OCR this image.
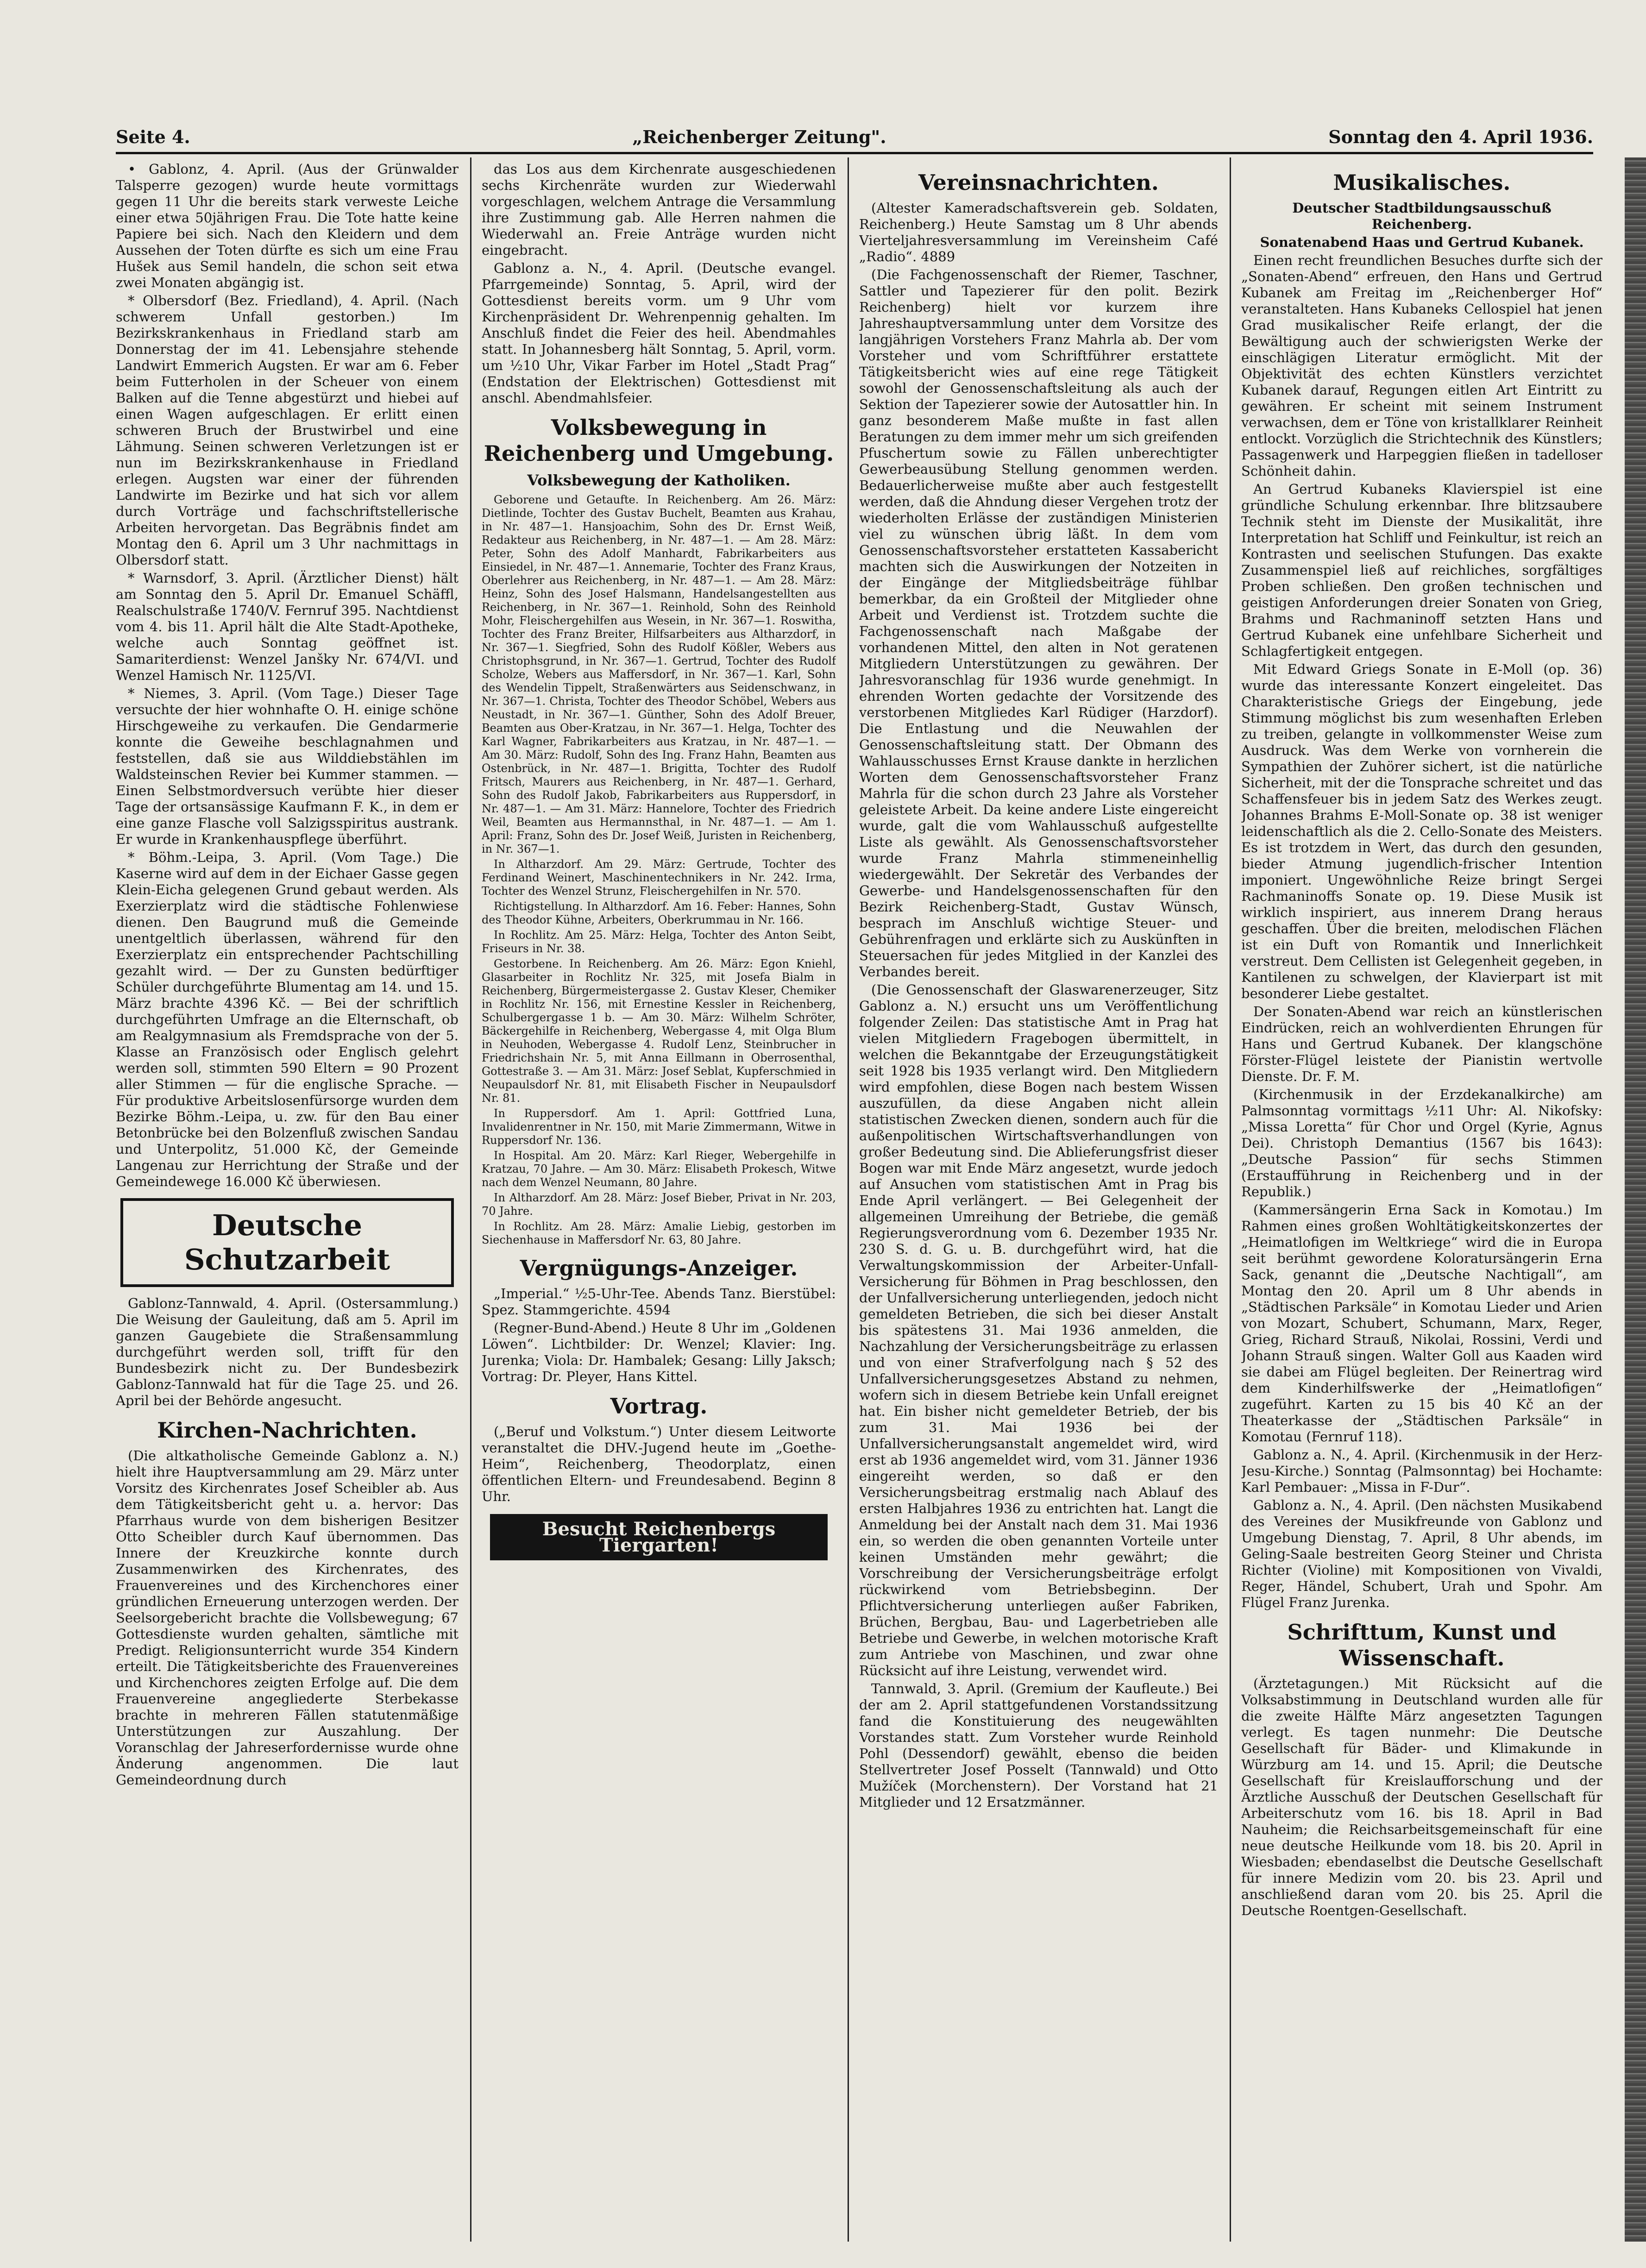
Seite 4.	„Reichenberger Zeitung".	Sonntag den 4. April 1936.

• Gablonz, 4. April. (Aus der Grünwalder Talsperre gezogen) wurde heute vormittags gegen 11 Uhr die bereits stark verweste Leiche einer etwa 50jährigen Frau. Die Tote hatte keine Papiere bei sich. Nach den Kleidern und dem Aussehen der Toten dürfte es sich um eine Frau Hušek aus Semil handeln, die schon seit etwa zwei Monaten abgängig ist.

* Olbersdorf (Bez. Friedland), 4. April. (Nach schwerem Unfall gestorben.) Im Bezirkskrankenhaus in Friedland starb am Donnerstag der im 41. Lebensjahre stehende Landwirt Emmerich Augsten. Er war am 6. Feber beim Futterholen in der Scheuer von einem Balken auf die Tenne abgestürzt und hiebei auf einen Wagen aufgeschlagen. Er erlitt einen schweren Bruch der Brustwirbel und eine Lähmung. Seinen schweren Verletzungen ist er nun im Bezirkskrankenhause in Friedland erlegen. Augsten war einer der führenden Landwirte im Bezirke und hat sich vor allem durch Vorträge und fachschriftstellerische Arbeiten hervorgetan. Das Begräbnis findet am Montag den 6. April um 3 Uhr nachmittags in Olbersdorf statt.

* Warnsdorf, 3. April. (Ärztlicher Dienst) hält am Sonntag den 5. April Dr. Emanuel Schäffl, Realschulstraße 1740/V. Fernruf 395. Nachtdienst vom 4. bis 11. April hält die Alte Stadt-Apotheke, welche auch Sonntag geöffnet ist. Samariterdienst: Wenzel Janšky Nr. 674/VI. und Wenzel Hamisch Nr. 1125/VI.

* Niemes, 3. April. (Vom Tage.) Dieser Tage versuchte der hier wohnhafte O. H. einige schöne Hirschgeweihe zu verkaufen. Die Gendarmerie konnte die Geweihe beschlagnahmen und feststellen, daß sie aus Wilddiebstählen im Waldsteinschen Revier bei Kummer stammen. — Einen Selbstmordversuch verübte hier dieser Tage der ortsansässige Kaufmann F. K., in dem er eine ganze Flasche voll Salzigsspiritus austrank. Er wurde in Krankenhauspflege überführt.

* Böhm.-Leipa, 3. April. (Vom Tage.) Die Kaserne wird auf dem in der Eichaer Gasse gegen Klein-Eicha gelegenen Grund gebaut werden. Als Exerzierplatz wird die städtische Fohlenwiese dienen. Den Baugrund muß die Gemeinde unentgeltlich überlassen, während für den Exerzierplatz ein entsprechender Pachtschilling gezahlt wird. — Der zu Gunsten bedürftiger Schüler durchgeführte Blumentag am 14. und 15. März brachte 4396 Kč. — Bei der schriftlich durchgeführten Umfrage an die Elternschaft, ob am Realgymnasium als Fremdsprache von der 5. Klasse an Französisch oder Englisch gelehrt werden soll, stimmten 590 Eltern = 90 Prozent aller Stimmen — für die englische Sprache. — Für produktive Arbeitslosenfürsorge wurden dem Bezirke Böhm.-Leipa, u. zw. für den Bau einer Betonbrücke bei den Bolzenfluß zwischen Sandau und Unterpolitz, 51.000 Kč, der Gemeinde Langenau zur Herrichtung der Straße und der Gemeindewege 16.000 Kč überwiesen.

Deutsche Schutzarbeit

Gablonz-Tannwald, 4. April. (Ostersammlung.) Die Weisung der Gauleitung, daß am 5. April im ganzen Gaugebiete die Straßensammlung durchgeführt werden soll, trifft für den Bundesbezirk nicht zu. Der Bundesbezirk Gablonz-Tannwald hat für die Tage 25. und 26. April bei der Behörde angesucht.

Kirchen-Nachrichten.

(Die altkatholische Gemeinde Gablonz a. N.) hielt ihre Hauptversammlung am 29. März unter Vorsitz des Kirchenrates Josef Scheibler ab. Aus dem Tätigkeitsbericht geht u. a. hervor: Das Pfarrhaus wurde von dem bisherigen Besitzer Otto Scheibler durch Kauf übernommen. Das Innere der Kreuzkirche konnte durch Zusammenwirken des Kirchenrates, des Frauenvereines und des Kirchenchores einer gründlichen Erneuerung unterzogen werden. Der Seelsorgebericht brachte die Vollsbewegung; 67 Gottesdienste wurden gehalten, sämtliche mit Predigt. Religionsunterricht wurde 354 Kindern erteilt. Die Tätigkeitsberichte des Frauenvereines und Kirchenchores zeigten Erfolge auf. Die dem Frauenvereine angegliederte Sterbekasse brachte in mehreren Fällen statutenmäßige Unterstützungen zur Auszahlung. Der Voranschlag der Jahreserfordernisse wurde ohne Änderung angenommen. Die laut Gemeindeordnung durch

das Los aus dem Kirchenrate ausgeschiedenen sechs Kirchenräte wurden zur Wiederwahl vorgeschlagen, welchem Antrage die Versammlung ihre Zustimmung gab. Alle Herren nahmen die Wiederwahl an. Freie Anträge wurden nicht eingebracht.

Gablonz a. N., 4. April. (Deutsche evangel. Pfarrgemeinde) Sonntag, 5. April, wird der Gottesdienst bereits vorm. um 9 Uhr vom Kirchenpräsident Dr. Wehrenpennig gehalten. Im Anschluß findet die Feier des heil. Abendmahles statt. In Johannesberg hält Sonntag, 5. April, vorm. um ½10 Uhr, Vikar Farber im Hotel „Stadt Prag“ (Endstation der Elektrischen) Gottesdienst mit anschl. Abendmahlsfeier.

Volksbewegung in Reichenberg und Umgebung.
Volksbewegung der Katholiken.

Geborene und Getaufte. In Reichenberg. Am 26. März: Dietlinde, Tochter des Gustav Buchelt, Beamten aus Krahau, in Nr. 487—1. Hansjoachim, Sohn des Dr. Ernst Weiß, Redakteur aus Reichenberg, in Nr. 487—1. — Am 28. März: Peter, Sohn des Adolf Manhardt, Fabrikarbeiters aus Einsiedel, in Nr. 487—1. Annemarie, Tochter des Franz Kraus, Oberlehrer aus Reichenberg, in Nr. 487—1. — Am 28. März: Heinz, Sohn des Josef Halsmann, Handelsangestellten aus Reichenberg, in Nr. 367—1. Reinhold, Sohn des Reinhold Mohr, Fleischergehilfen aus Wesein, in Nr. 367—1. Roswitha, Tochter des Franz Breiter, Hilfsarbeiters aus Altharzdorf, in Nr. 367—1. Siegfried, Sohn des Rudolf Kößler, Webers aus Christophsgrund, in Nr. 367—1. Gertrud, Tochter des Rudolf Scholze, Webers aus Maffersdorf, in Nr. 367—1. Karl, Sohn des Wendelin Tippelt, Straßenwärters aus Seidenschwanz, in Nr. 367—1. Christa, Tochter des Theodor Schöbel, Webers aus Neustadt, in Nr. 367—1. Günther, Sohn des Adolf Breuer, Beamten aus Ober-Kratzau, in Nr. 367—1. Helga, Tochter des Karl Wagner, Fabrikarbeiters aus Kratzau, in Nr. 487—1. — Am 30. März: Rudolf, Sohn des Ing. Franz Hahn, Beamten aus Ostenbrück, in Nr. 487—1. Brigitta, Tochter des Rudolf Fritsch, Maurers aus Reichenberg, in Nr. 487—1. Gerhard, Sohn des Rudolf Jakob, Fabrikarbeiters aus Ruppersdorf, in Nr. 487—1. — Am 31. März: Hannelore, Tochter des Friedrich Weil, Beamten aus Hermannsthal, in Nr. 487—1. — Am 1. April: Franz, Sohn des Dr. Josef Weiß, Juristen in Reichenberg, in Nr. 367—1.

In Altharzdorf. Am 29. März: Gertrude, Tochter des Ferdinand Weinert, Maschinentechnikers in Nr. 242. Irma, Tochter des Wenzel Strunz, Fleischergehilfen in Nr. 570.

Richtigstellung. In Altharzdorf. Am 16. Feber: Hannes, Sohn des Theodor Kühne, Arbeiters, Oberkrummau in Nr. 166.

In Rochlitz. Am 25. März: Helga, Tochter des Anton Seibt, Friseurs in Nr. 38.

Gestorbene. In Reichenberg. Am 26. März: Egon Kniehl, Glasarbeiter in Rochlitz Nr. 325, mit Josefa Bialm in Reichenberg, Bürgermeistergasse 2. Gustav Kleser, Chemiker in Rochlitz Nr. 156, mit Ernestine Kessler in Reichenberg, Schulbergergasse 1 b. — Am 30. März: Wilhelm Schröter, Bäckergehilfe in Reichenberg, Webergasse 4, mit Olga Blum in Neuhoden, Webergasse 4. Rudolf Lenz, Steinbrucher in Friedrichshain Nr. 5, mit Anna Eillmann in Oberrosenthal, Gottestraße 3. — Am 31. März: Josef Seblat, Kupferschmied in Neupaulsdorf Nr. 81, mit Elisabeth Fischer in Neupaulsdorf Nr. 81.

In Ruppersdorf. Am 1. April: Gottfried Luna, Invalidenrentner in Nr. 150, mit Marie Zimmermann, Witwe in Ruppersdorf Nr. 136.

In Hospital. Am 20. März: Karl Rieger, Webergehilfe in Kratzau, 70 Jahre. — Am 30. März: Elisabeth Prokesch, Witwe nach dem Wenzel Neumann, 80 Jahre.

In Altharzdorf. Am 28. März: Josef Bieber, Privat in Nr. 203, 70 Jahre.

In Rochlitz. Am 28. März: Amalie Liebig, gestorben im Siechenhause in Maffersdorf Nr. 63, 80 Jahre.

Vergnügungs-Anzeiger.

„Imperial.“ ½5-Uhr-Tee. Abends Tanz. Bierstübel: Spez. Stammgerichte. 4594

(Regner-Bund-Abend.) Heute 8 Uhr im „Goldenen Löwen“. Lichtbilder: Dr. Wenzel; Klavier: Ing. Jurenka; Viola: Dr. Hambalek; Gesang: Lilly Jaksch; Vortrag: Dr. Pleyer, Hans Kittel.

Vortrag.

(„Beruf und Volkstum.“) Unter diesem Leitworte veranstaltet die DHV.-Jugend heute im „Goethe-Heim“, Reichenberg, Theodorplatz, einen öffentlichen Eltern- und Freundesabend. Beginn 8 Uhr.

Besucht Reichenbergs Tiergarten!
Vereinsnachrichten.

(Altester Kameradschaftsverein geb. Soldaten, Reichenberg.) Heute Samstag um 8 Uhr abends Vierteljahresversammlung im Vereinsheim Café „Radio“. 4889

(Die Fachgenossenschaft der Riemer, Taschner, Sattler und Tapezierer für den polit. Bezirk Reichenberg) hielt vor kurzem ihre Jahreshauptversammlung unter dem Vorsitze des langjährigen Vorstehers Franz Mahrla ab. Der vom Vorsteher und vom Schriftführer erstattete Tätigkeitsbericht wies auf eine rege Tätigkeit sowohl der Genossenschaftsleitung als auch der Sektion der Tapezierer sowie der Autosattler hin. In ganz besonderem Maße mußte in fast allen Beratungen zu dem immer mehr um sich greifenden Pfuschertum sowie zu Fällen unberechtigter Gewerbeausübung Stellung genommen werden. Bedauerlicherweise mußte aber auch festgestellt werden, daß die Ahndung dieser Vergehen trotz der wiederholten Erlässe der zuständigen Ministerien viel zu wünschen übrig läßt. In dem vom Genossenschaftsvorsteher erstatteten Kassabericht machten sich die Auswirkungen der Notzeiten in der Eingänge der Mitgliedsbeiträge fühlbar bemerkbar, da ein Großteil der Mitglieder ohne Arbeit und Verdienst ist. Trotzdem suchte die Fachgenossenschaft nach Maßgabe der vorhandenen Mittel, den alten in Not geratenen Mitgliedern Unterstützungen zu gewähren. Der Jahresvoranschlag für 1936 wurde genehmigt. In ehrenden Worten gedachte der Vorsitzende des verstorbenen Mitgliedes Karl Rüdiger (Harzdorf). Die Entlastung und die Neuwahlen der Genossenschaftsleitung statt. Der Obmann des Wahlausschusses Ernst Krause dankte in herzlichen Worten dem Genossenschaftsvorsteher Franz Mahrla für die schon durch 23 Jahre als Vorsteher geleistete Arbeit. Da keine andere Liste eingereicht wurde, galt die vom Wahlausschuß aufgestellte Liste als gewählt. Als Genossenschaftsvorsteher wurde Franz Mahrla stimmeneinhellig wiedergewählt. Der Sekretär des Verbandes der Gewerbe- und Handelsgenossenschaften für den Bezirk Reichenberg-Stadt, Gustav Wünsch, besprach im Anschluß wichtige Steuer- und Gebührenfragen und erklärte sich zu Auskünften in Steuersachen für jedes Mitglied in der Kanzlei des Verbandes bereit.

(Die Genossenschaft der Glaswarenerzeuger, Sitz Gablonz a. N.) ersucht uns um Veröffentlichung folgender Zeilen: Das statistische Amt in Prag hat vielen Mitgliedern Fragebogen übermittelt, in welchen die Bekanntgabe der Erzeugungstätigkeit seit 1928 bis 1935 verlangt wird. Den Mitgliedern wird empfohlen, diese Bogen nach bestem Wissen auszufüllen, da diese Angaben nicht allein statistischen Zwecken dienen, sondern auch für die außenpolitischen Wirtschaftsverhandlungen von großer Bedeutung sind. Die Ablieferungsfrist dieser Bogen war mit Ende März angesetzt, wurde jedoch auf Ansuchen vom statistischen Amt in Prag bis Ende April verlängert. — Bei Gelegenheit der allgemeinen Umreihung der Betriebe, die gemäß Regierungsverordnung vom 6. Dezember 1935 Nr. 230 S. d. G. u. B. durchgeführt wird, hat die Verwaltungskommission der Arbeiter-Unfall-Versicherung für Böhmen in Prag beschlossen, den der Unfallversicherung unterliegenden, jedoch nicht gemeldeten Betrieben, die sich bei dieser Anstalt bis spätestens 31. Mai 1936 anmelden, die Nachzahlung der Versicherungsbeiträge zu erlassen und von einer Strafverfolgung nach § 52 des Unfallversicherungsgesetzes Abstand zu nehmen, wofern sich in diesem Betriebe kein Unfall ereignet hat. Ein bisher nicht gemeldeter Betrieb, der bis zum 31. Mai 1936 bei der Unfallversicherungsanstalt angemeldet wird, wird erst ab 1936 angemeldet wird, vom 31. Jänner 1936 eingereiht werden, so daß er den Versicherungsbeitrag erstmalig nach Ablauf des ersten Halbjahres 1936 zu entrichten hat. Langt die Anmeldung bei der Anstalt nach dem 31. Mai 1936 ein, so werden die oben genannten Vorteile unter keinen Umständen mehr gewährt; die Vorschreibung der Versicherungsbeiträge erfolgt rückwirkend vom Betriebsbeginn. Der Pflichtversicherung unterliegen außer Fabriken, Brüchen, Bergbau, Bau- und Lagerbetrieben alle Betriebe und Gewerbe, in welchen motorische Kraft zum Antriebe von Maschinen, und zwar ohne Rücksicht auf ihre Leistung, verwendet wird.

Tannwald, 3. April. (Gremium der Kaufleute.) Bei der am 2. April stattgefundenen Vorstandssitzung fand die Konstituierung des neugewählten Vorstandes statt. Zum Vorsteher wurde Reinhold Pohl (Dessendorf) gewählt, ebenso die beiden Stellvertreter Josef Posselt (Tannwald) und Otto Mužíček (Morchenstern). Der Vorstand hat 21 Mitglieder und 12 Ersatzmänner.

Musikalisches.

Deutscher Stadtbildungsausschuß Reichenberg.

Sonatenabend Haas und Gertrud Kubanek.

Einen recht freundlichen Besuches durfte sich der „Sonaten-Abend“ erfreuen, den Hans und Gertrud Kubanek am Freitag im „Reichenberger Hof“ veranstalteten. Hans Kubaneks Cellospiel hat jenen Grad musikalischer Reife erlangt, der die Bewältigung auch der schwierigsten Werke der einschlägigen Literatur ermöglicht. Mit der Objektivität des echten Künstlers verzichtet Kubanek darauf, Regungen eitlen Art Eintritt zu gewähren. Er scheint mit seinem Instrument verwachsen, dem er Töne von kristallklarer Reinheit entlockt. Vorzüglich die Strichtechnik des Künstlers; Passagenwerk und Harpeggien fließen in tadelloser Schönheit dahin.

An Gertrud Kubaneks Klavierspiel ist eine gründliche Schulung erkennbar. Ihre blitzsaubere Technik steht im Dienste der Musikalität, ihre Interpretation hat Schliff und Feinkultur, ist reich an Kontrasten und seelischen Stufungen. Das exakte Zusammenspiel ließ auf reichliches, sorgfältiges Proben schließen. Den großen technischen und geistigen Anforderungen dreier Sonaten von Grieg, Brahms und Rachmaninoff setzten Hans und Gertrud Kubanek eine unfehlbare Sicherheit und Schlagfertigkeit entgegen.

Mit Edward Griegs Sonate in E-Moll (op. 36) wurde das interessante Konzert eingeleitet. Das Charakteristische Griegs der Eingebung, jede Stimmung möglichst bis zum wesenhaften Erleben zu treiben, gelangte in vollkommenster Weise zum Ausdruck. Was dem Werke von vornherein die Sympathien der Zuhörer sichert, ist die natürliche Sicherheit, mit der die Tonsprache schreitet und das Schaffensfeuer bis in jedem Satz des Werkes zeugt. Johannes Brahms E-Moll-Sonate op. 38 ist weniger leidenschaftlich als die 2. Cello-Sonate des Meisters. Es ist trotzdem in Wert, das durch den gesunden, bieder Atmung jugendlich-frischer Intention imponiert. Ungewöhnliche Reize bringt Sergei Rachmaninoffs Sonate op. 19. Diese Musik ist wirklich inspiriert, aus innerem Drang heraus geschaffen. Über die breiten, melodischen Flächen ist ein Duft von Romantik und Innerlichkeit verstreut. Dem Cellisten ist Gelegenheit gegeben, in Kantilenen zu schwelgen, der Klavierpart ist mit besonderer Liebe gestaltet.

Der Sonaten-Abend war reich an künstlerischen Eindrücken, reich an wohlverdienten Ehrungen für Hans und Gertrud Kubanek. Der klangschöne Förster-Flügel leistete der Pianistin wertvolle Dienste. Dr. F. M.

(Kirchenmusik in der Erzdekanalkirche) am Palmsonntag vormittags ½11 Uhr: Al. Nikofsky: „Missa Loretta“ für Chor und Orgel (Kyrie, Agnus Dei). Christoph Demantius (1567 bis 1643): „Deutsche Passion“ für sechs Stimmen (Erstaufführung in Reichenberg und in der Republik.)

(Kammersängerin Erna Sack in Komotau.) Im Rahmen eines großen Wohltätigkeitskonzertes der „Heimatlofigen im Weltkriege“ wird die in Europa seit berühmt gewordene Koloratursängerin Erna Sack, genannt die „Deutsche Nachtigall“, am Montag den 20. April um 8 Uhr abends in „Städtischen Parksäle“ in Komotau Lieder und Arien von Mozart, Schubert, Schumann, Marx, Reger, Grieg, Richard Strauß, Nikolai, Rossini, Verdi und Johann Strauß singen. Walter Goll aus Kaaden wird sie dabei am Flügel begleiten. Der Reinertrag wird dem Kinderhilfswerke der „Heimatlofigen“ zugeführt. Karten zu 15 bis 40 Kč an der Theaterkasse der „Städtischen Parksäle“ in Komotau (Fernruf 118).

Gablonz a. N., 4. April. (Kirchenmusik in der Herz-Jesu-Kirche.) Sonntag (Palmsonntag) bei Hochamte: Karl Pembauer: „Missa in F-Dur“.

Gablonz a. N., 4. April. (Den nächsten Musikabend des Vereines der Musikfreunde von Gablonz und Umgebung Dienstag, 7. April, 8 Uhr abends, im Geling-Saale bestreiten Georg Steiner und Christa Richter (Violine) mit Kompositionen von Vivaldi, Reger, Händel, Schubert, Urah und Spohr. Am Flügel Franz Jurenka.

Schrifttum, Kunst und Wissenschaft.

(Ärztetagungen.) Mit Rücksicht auf die Volksabstimmung in Deutschland wurden alle für die zweite Hälfte März angesetzten Tagungen verlegt. Es tagen nunmehr: Die Deutsche Gesellschaft für Bäder- und Klimakunde in Würzburg am 14. und 15. April; die Deutsche Gesellschaft für Kreislaufforschung und der Ärztliche Ausschuß der Deutschen Gesellschaft für Arbeiterschutz vom 16. bis 18. April in Bad Nauheim; die Reichsarbeitsgemeinschaft für eine neue deutsche Heilkunde vom 18. bis 20. April in Wiesbaden; ebendaselbst die Deutsche Gesellschaft für innere Medizin vom 20. bis 23. April und anschließend daran vom 20. bis 25. April die Deutsche Roentgen-Gesellschaft.
